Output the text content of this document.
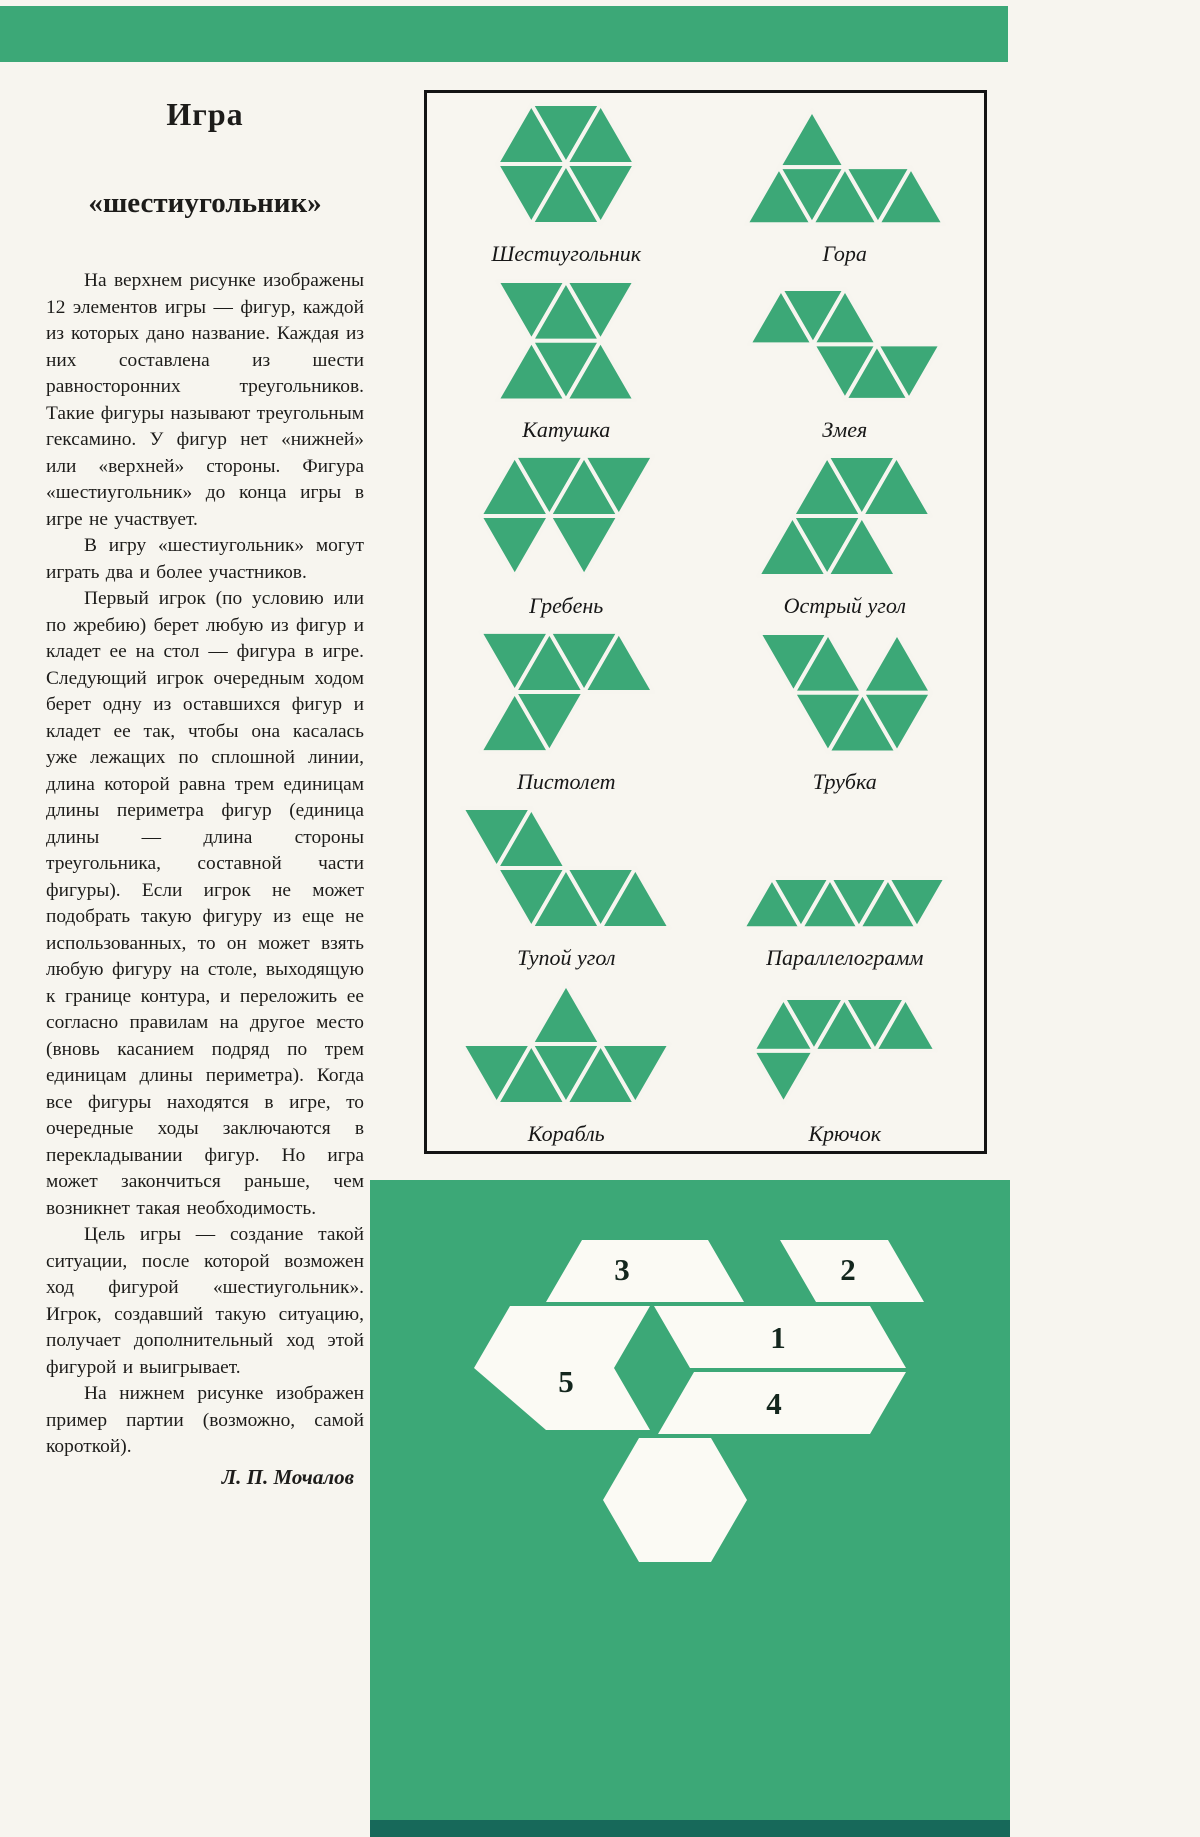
Игра
«шестиугольник»

На верхнем рисунке изображены 12 элементов игры — фигур, каждой из которых дано название. Каждая из них составлена из шести равносторонних треугольников. Такие фигуры называют треугольным гексамино. У фигур нет «нижней» или «верхней» стороны. Фигура «шестиугольник» до конца игры в игре не участвует.

В игру «шестиугольник» могут играть два и более участников.

Первый игрок (по условию или по жребию) берет любую из фигур и кладет ее на стол — фигура в игре. Следующий игрок очередным ходом берет одну из оставшихся фигур и кладет ее так, чтобы она касалась уже лежащих по сплошной линии, длина которой равна трем единицам длины периметра фигур (единица длины — длина стороны треугольника, составной части фигуры). Если игрок не может подобрать такую фигуру из еще не использованных, то он может взять любую фигуру на столе, выходящую к границе контура, и переложить ее согласно правилам на другое место (вновь касанием подряд по трем единицам длины периметра). Когда все фигуры находятся в игре, то очередные ходы заключаются в перекладывании фигур. Но игра может закончиться раньше, чем возникнет такая необходимость.

Цель игры — создание такой ситуации, после которой возможен ход фигурой «шестиугольник». Игрок, создавший такую ситуацию, получает дополнительный ход этой фигурой и выигрывает.

На нижнем рисунке изображен пример партии (возможно, самой короткой).

Л. П. Мочалов
Шестиугольник	Гора
Катушка	Змея
Гребень	Острый угол
Пистолет	Трубка
Тупой угол	Параллелограмм
Корабль	Крючок
3	2
1
5
4
